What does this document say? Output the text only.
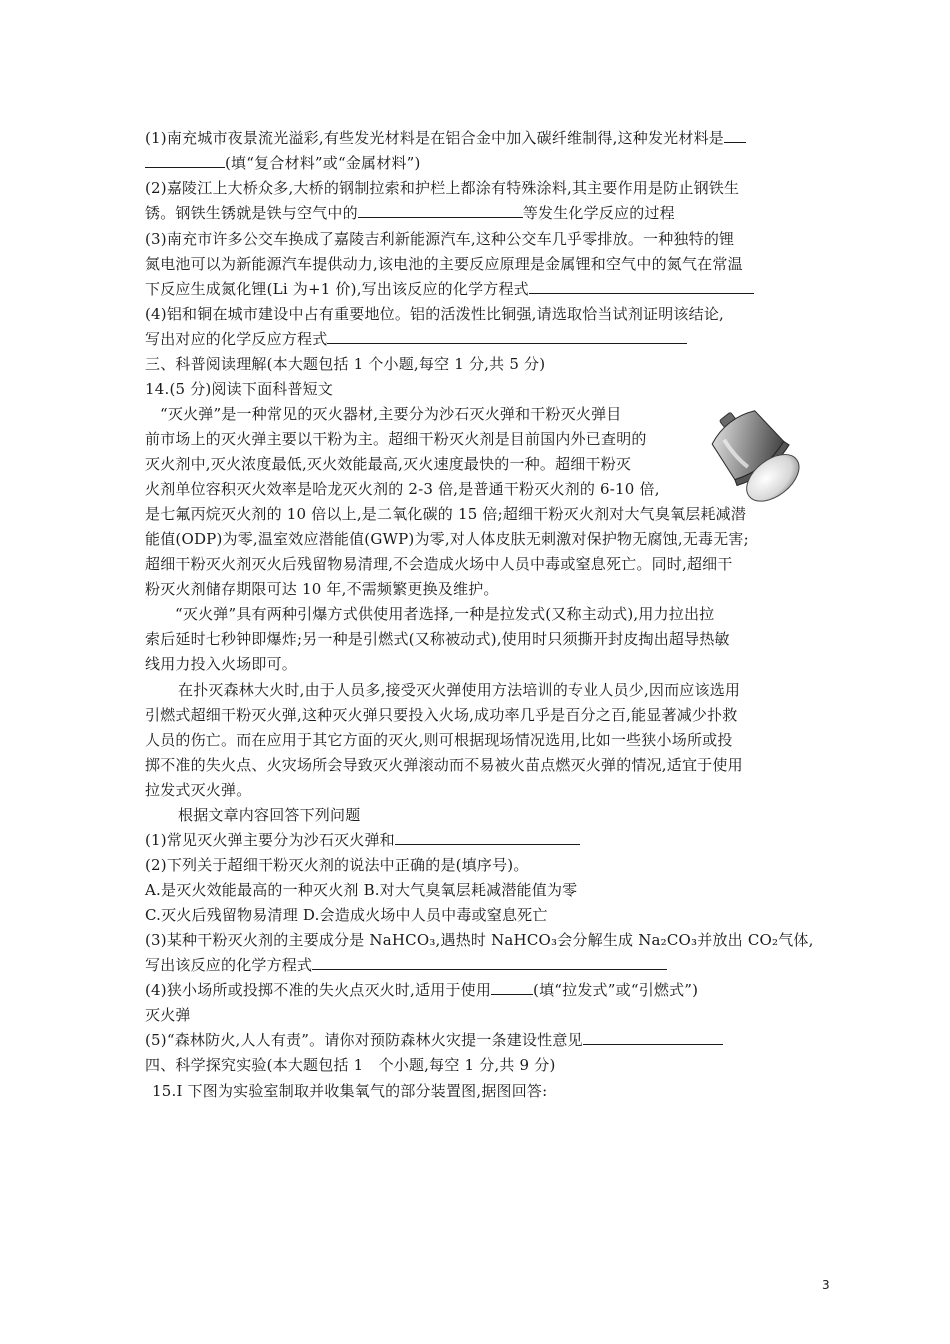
(1)南充城市夜景流光溢彩,有些发光材料是在铝合金中加入碳纤维制得,这种发光材料是
(填“复合材料”或“金属材料”)
(2)嘉陵江上大桥众多,大桥的钢制拉索和护栏上都涂有特殊涂料,其主要作用是防止钢铁生
锈。钢铁生锈就是铁与空气中的	等发生化学反应的过程
(3)南充市许多公交车换成了嘉陵吉利新能源汽车,这种公交车几乎零排放。一种独特的锂
氮电池可以为新能源汽车提供动力,该电池的主要反应原理是金属锂和空气中的氮气在常温
下反应生成氮化锂(Li 为+1 价),写出该反应的化学方程式
(4)铝和铜在城市建设中占有重要地位。铝的活泼性比铜强,请选取恰当试剂证明该结论,
写出对应的化学反应方程式
三、科普阅读理解(本大题包括 1 个小题,每空 1 分,共 5 分)
14.(5 分)阅读下面科普短文
“灭火弹”是一种常见的灭火器材,主要分为沙石灭火弹和干粉灭火弹目
前市场上的灭火弹主要以干粉为主。超细干粉灭火剂是目前国内外已查明的
灭火剂中,灭火浓度最低,灭火效能最高,灭火速度最快的一种。超细干粉灭
火剂单位容积灭火效率是哈龙灭火剂的 2-3 倍,是普通干粉灭火剂的 6-10 倍,
是七氟丙烷灭火剂的 10 倍以上,是二氧化碳的 15 倍;超细干粉灭火剂对大气臭氧层耗减潜
能值(ODP)为零,温室效应潜能值(GWP)为零,对人体皮肤无刺激对保护物无腐蚀,无毒无害;
超细干粉灭火剂灭火后残留物易清理,不会造成火场中人员中毒或窒息死亡。同时,超细干
粉灭火剂储存期限可达 10 年,不需频繁更换及维护。
“灭火弹”具有两种引爆方式供使用者选择,一种是拉发式(又称主动式),用力拉出拉
索后延时七秒钟即爆炸;另一种是引燃式(又称被动式),使用时只须撕开封皮掏出超导热敏
线用力投入火场即可。
在扑灭森林大火时,由于人员多,接受灭火弹使用方法培训的专业人员少,因而应该选用
引燃式超细干粉灭火弹,这种灭火弹只要投入火场,成功率几乎是百分之百,能显著减少扑救
人员的伤亡。而在应用于其它方面的灭火,则可根据现场情况选用,比如一些狭小场所或投
掷不准的失火点、火灾场所会导致灭火弹滚动而不易被火苗点燃灭火弹的情况,适宜于使用
拉发式灭火弹。
根据文章内容回答下列问题
(1)常见灭火弹主要分为沙石灭火弹和
(2)下列关于超细干粉灭火剂的说法中正确的是(填序号)。
A.是灭火效能最高的一种灭火剂 B.对大气臭氧层耗减潜能值为零
C.灭火后残留物易清理 D.会造成火场中人员中毒或窒息死亡
(3)某种干粉灭火剂的主要成分是 NaHCO₃,遇热时 NaHCO₃会分解生成 Na₂CO₃并放出 CO₂气体,
写出该反应的化学方程式
(4)狭小场所或投掷不准的失火点灭火时,适用于使用	(填“拉发式”或“引燃式”)
灭火弹
(5)“森林防火,人人有责”。请你对预防森林火灾提一条建设性意见
四、科学探究实验(本大题包括 1　个小题,每空 1 分,共 9 分)
15.I 下图为实验室制取并收集氧气的部分装置图,据图回答:
3
